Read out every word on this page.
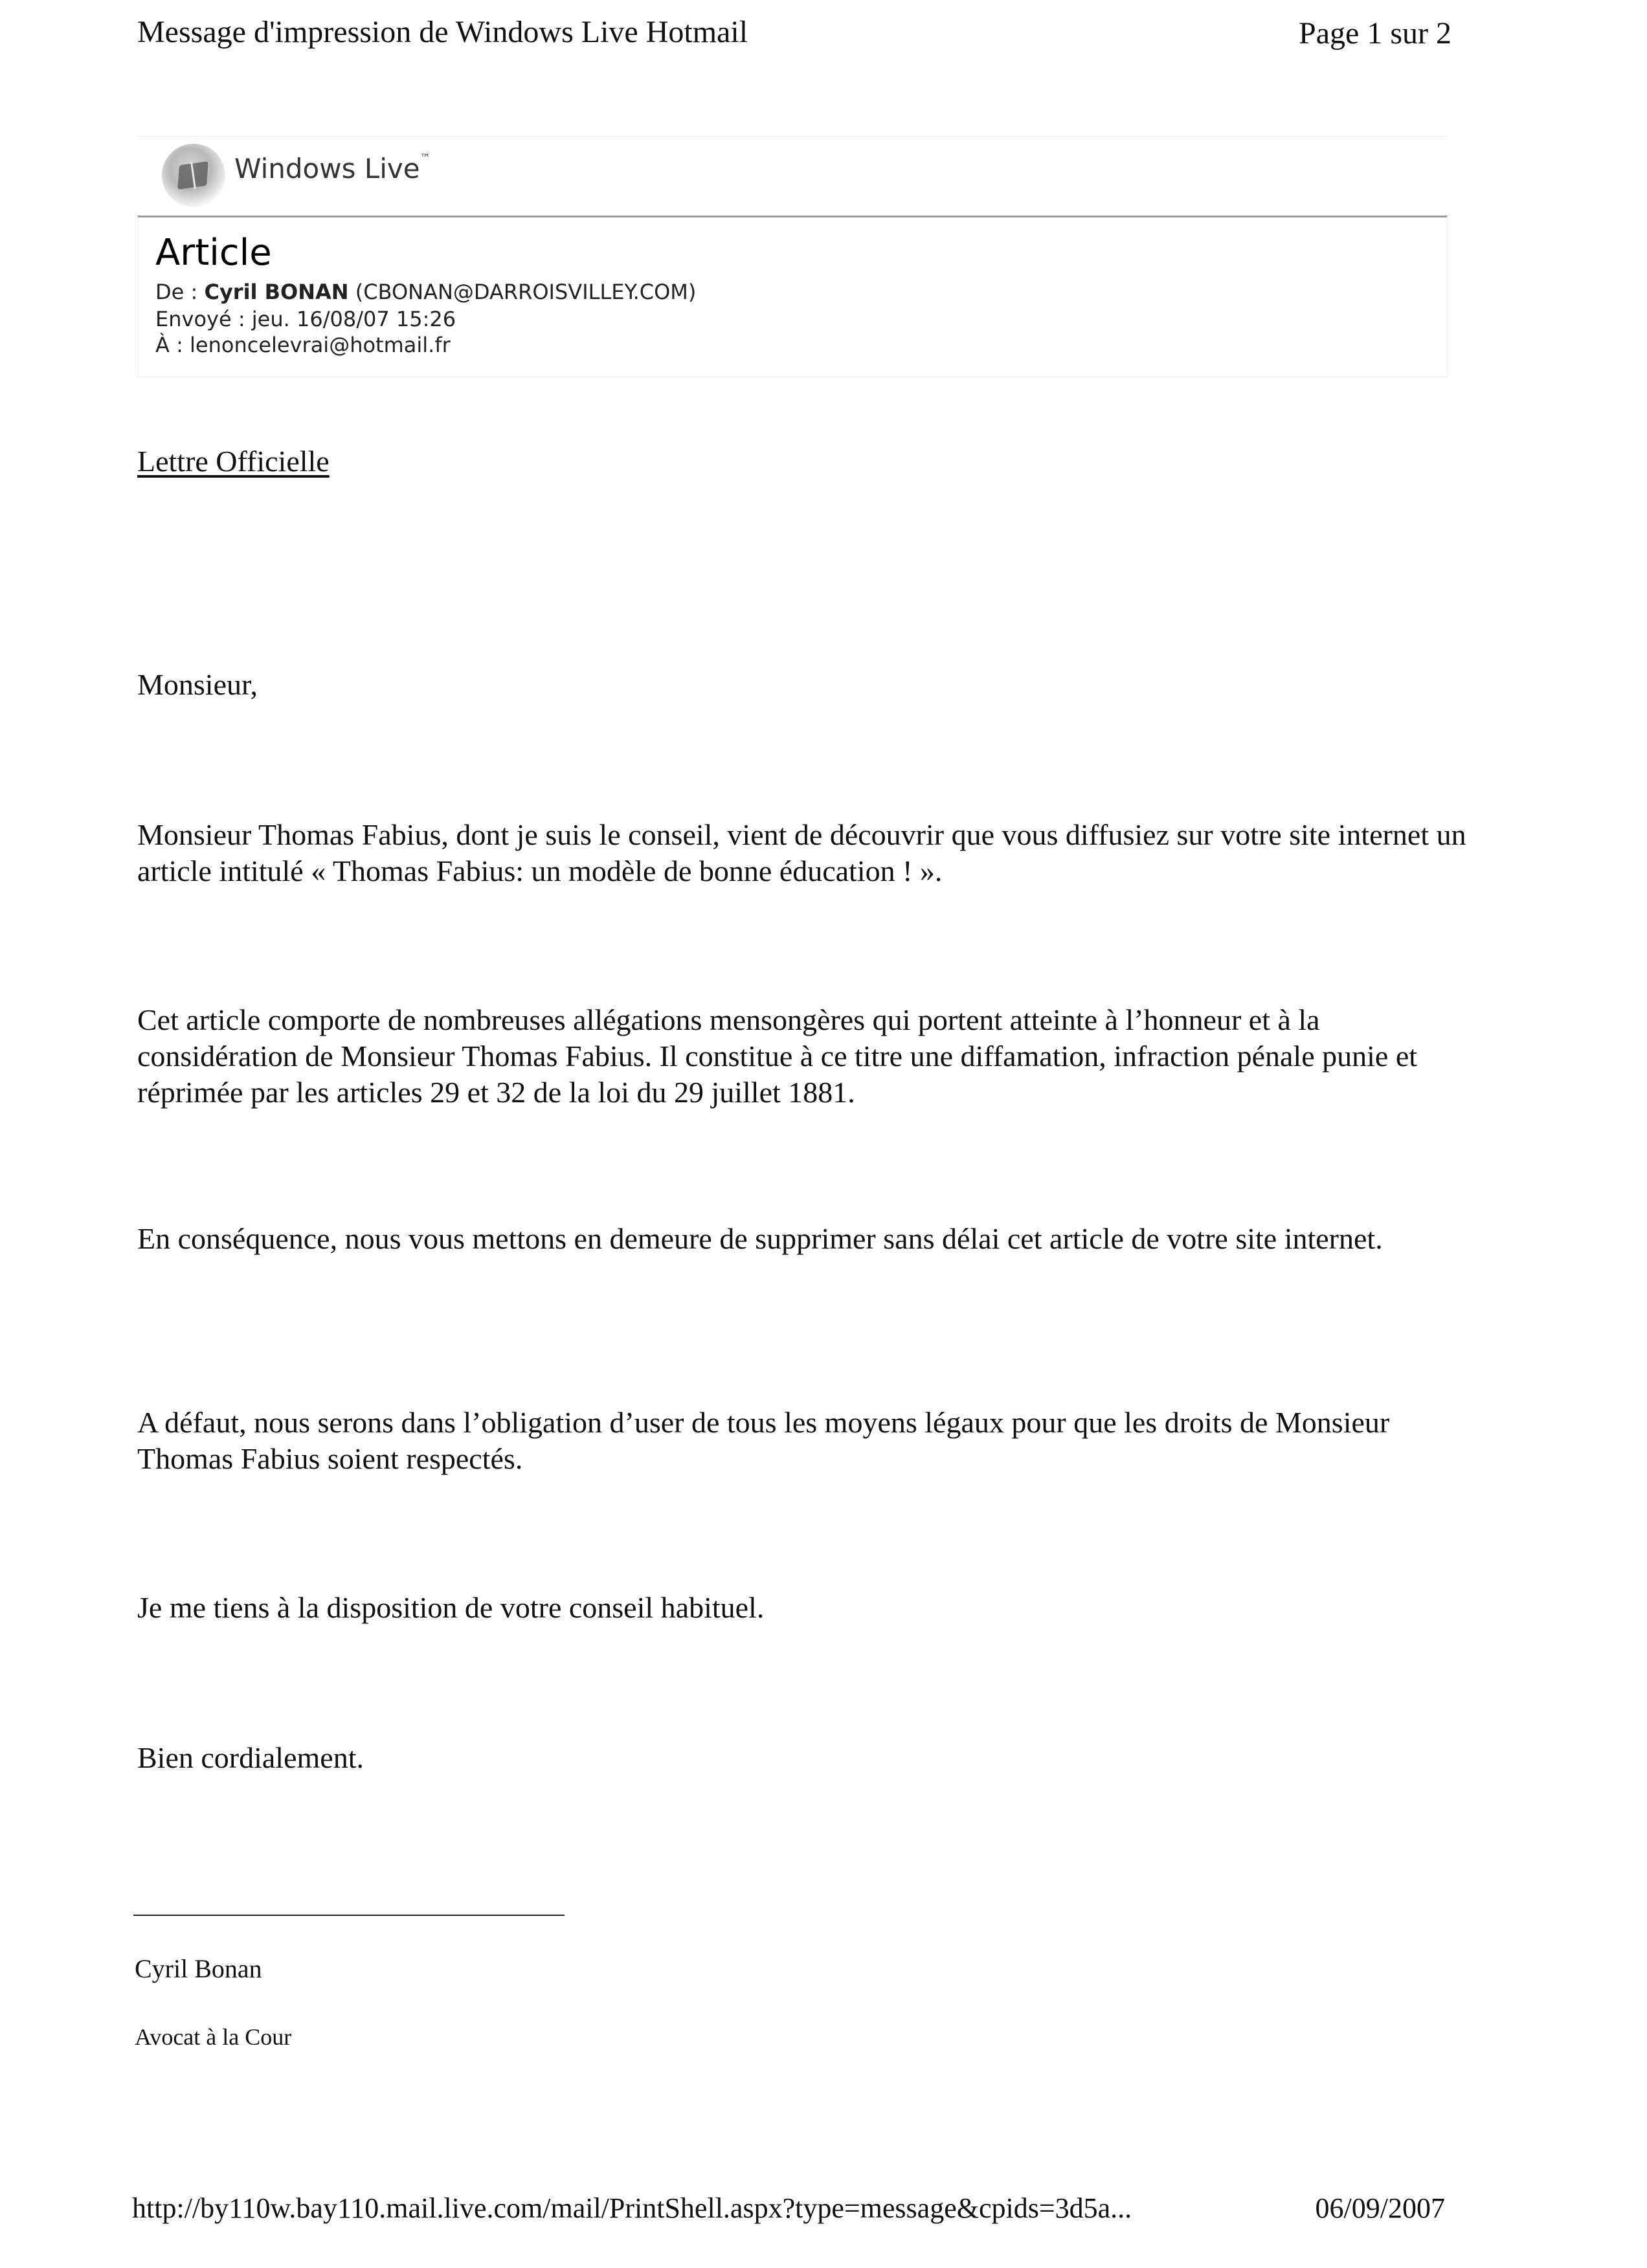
Message d'impression de Windows Live Hotmail	Page 1 sur 2
Windows Live™
Article
De : Cyril BONAN (CBONAN@DARROISVILLEY.COM)
Envoyé : jeu. 16/08/07 15:26
À : lenoncelevrai@hotmail.fr
Lettre Officielle
Monsieur,
Monsieur Thomas Fabius, dont je suis le conseil, vient de découvrir que vous diffusiez sur votre site internet un article intitulé « Thomas Fabius: un modèle de bonne éducation ! ».
Cet article comporte de nombreuses allégations mensongères qui portent atteinte à l’honneur et à la considération de Monsieur Thomas Fabius. Il constitue à ce titre une diffamation, infraction pénale punie et réprimée par les articles 29 et 32 de la loi du 29 juillet 1881.
En conséquence, nous vous mettons en demeure de supprimer sans délai cet article de votre site internet.
A défaut, nous serons dans l’obligation d’user de tous les moyens légaux pour que les droits de Monsieur Thomas Fabius soient respectés.
Je me tiens à la disposition de votre conseil habituel.
Bien cordialement.
Cyril Bonan
Avocat à la Cour
http://by110w.bay110.mail.live.com/mail/PrintShell.aspx?type=message&cpids=3d5a...	06/09/2007
